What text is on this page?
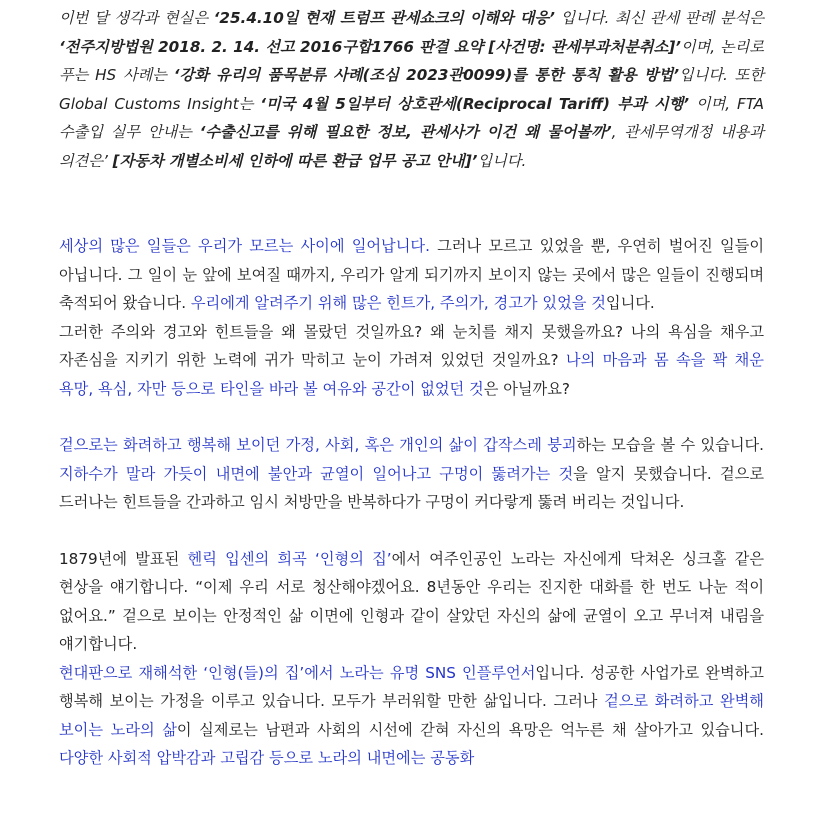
이번 달 생각과 현실은 ‘25.4.10일 현재 트럼프 관세쇼크의 이해와 대응’ 입니다. 최신 관세 판례 분석은 ‘전주지방법원 2018. 2. 14. 선고 2016구합1766 판결 요약 [사건명: 관세부과처분취소]’이며, 논리로 푸는 HS 사례는 ‘강화 유리의 품목분류 사례(조심 2023관0099)를 통한 통칙 활용 방법’입니다. 또한 Global Customs Insight는 ‘미국 4월 5일부터 상호관세(Reciprocal Tariff) 부과 시행’ 이며, FTA 수출입 실무 안내는 ‘수출신고를 위해 필요한 정보, 관세사가 이건 왜 물어볼까’, 관세무역개정 내용과 의견은’ [자동차 개별소비세 인하에 따른 환급 업무 공고 안내]’입니다.

세상의 많은 일들은 우리가 모르는 사이에 일어납니다. 그러나 모르고 있었을 뿐, 우연히 벌어진 일들이 아닙니다. 그 일이 눈 앞에 보여질 때까지, 우리가 알게 되기까지 보이지 않는 곳에서 많은 일들이 진행되며 축적되어 왔습니다. 우리에게 알려주기 위해 많은 힌트가, 주의가, 경고가 있었을 것입니다.

그러한 주의와 경고와 힌트들을 왜 몰랐던 것일까요? 왜 눈치를 채지 못했을까요? 나의 욕심을 채우고 자존심을 지키기 위한 노력에 귀가 막히고 눈이 가려져 있었던 것일까요? 나의 마음과 몸 속을 꽉 채운 욕망, 욕심, 자만 등으로 타인을 바라 볼 여유와 공간이 없었던 것은 아닐까요?

겉으로는 화려하고 행복해 보이던 가정, 사회, 혹은 개인의 삶이 갑작스레 붕괴하는 모습을 볼 수 있습니다. 지하수가 말라 가듯이 내면에 불안과 균열이 일어나고 구멍이 뚫려가는 것을 알지 못했습니다. 겉으로 드러나는 힌트들을 간과하고 임시 처방만을 반복하다가 구멍이 커다랗게 뚫려 버리는 것입니다.

1879년에 발표된 헨릭 입센의 희곡 ‘인형의 집’에서 여주인공인 노라는 자신에게 닥쳐온 싱크홀 같은 현상을 얘기합니다. “이제 우리 서로 청산해야겠어요. 8년동안 우리는 진지한 대화를 한 번도 나눈 적이 없어요.” 겉으로 보이는 안정적인 삶 이면에 인형과 같이 살았던 자신의 삶에 균열이 오고 무너져 내림을 얘기합니다.

현대판으로 재해석한 ‘인형(들)의 집’에서 노라는 유명 SNS 인플루언서입니다. 성공한 사업가로 완벽하고 행복해 보이는 가정을 이루고 있습니다. 모두가 부러워할 만한 삶입니다. 그러나 겉으로 화려하고 완벽해 보이는 노라의 삶이 실제로는 남편과 사회의 시선에 갇혀 자신의 욕망은 억누른 채 살아가고 있습니다. 다양한 사회적 압박감과 고립감 등으로 노라의 내면에는 공동화
